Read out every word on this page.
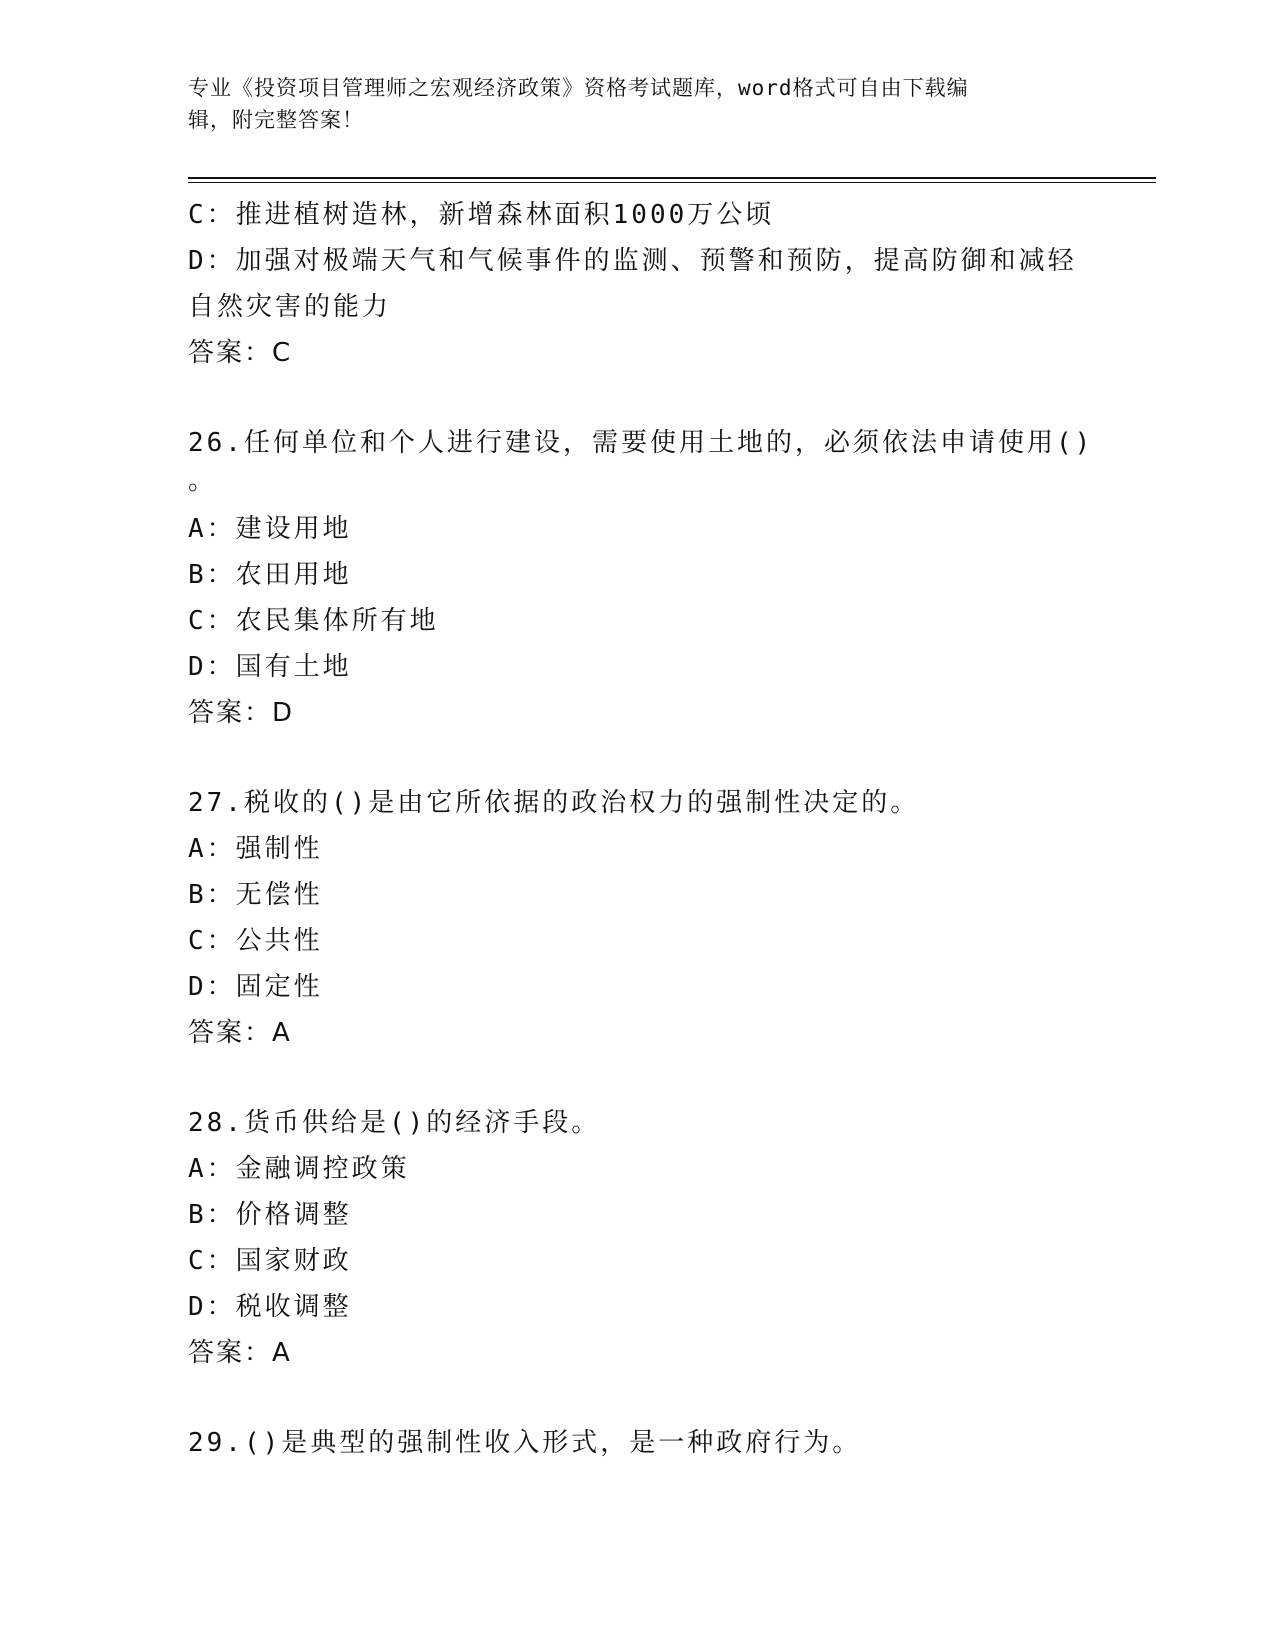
专业《投资项目管理师之宏观经济政策》资格考试题库，word格式可自由下载编
辑，附完整答案！
C：推进植树造林，新增森林面积1000万公顷
D：加强对极端天气和气候事件的监测、预警和预防，提高防御和减轻
自然灾害的能力
答案：C
26.任何单位和个人进行建设，需要使用土地的，必须依法申请使用()
。
A：建设用地
B：农田用地
C：农民集体所有地
D：国有土地
答案：D
27.税收的()是由它所依据的政治权力的强制性决定的。
A：强制性
B：无偿性
C：公共性
D：固定性
答案：A
28.货币供给是()的经济手段。
A：金融调控政策
B：价格调整
C：国家财政
D：税收调整
答案：A
29.()是典型的强制性收入形式，是一种政府行为。
